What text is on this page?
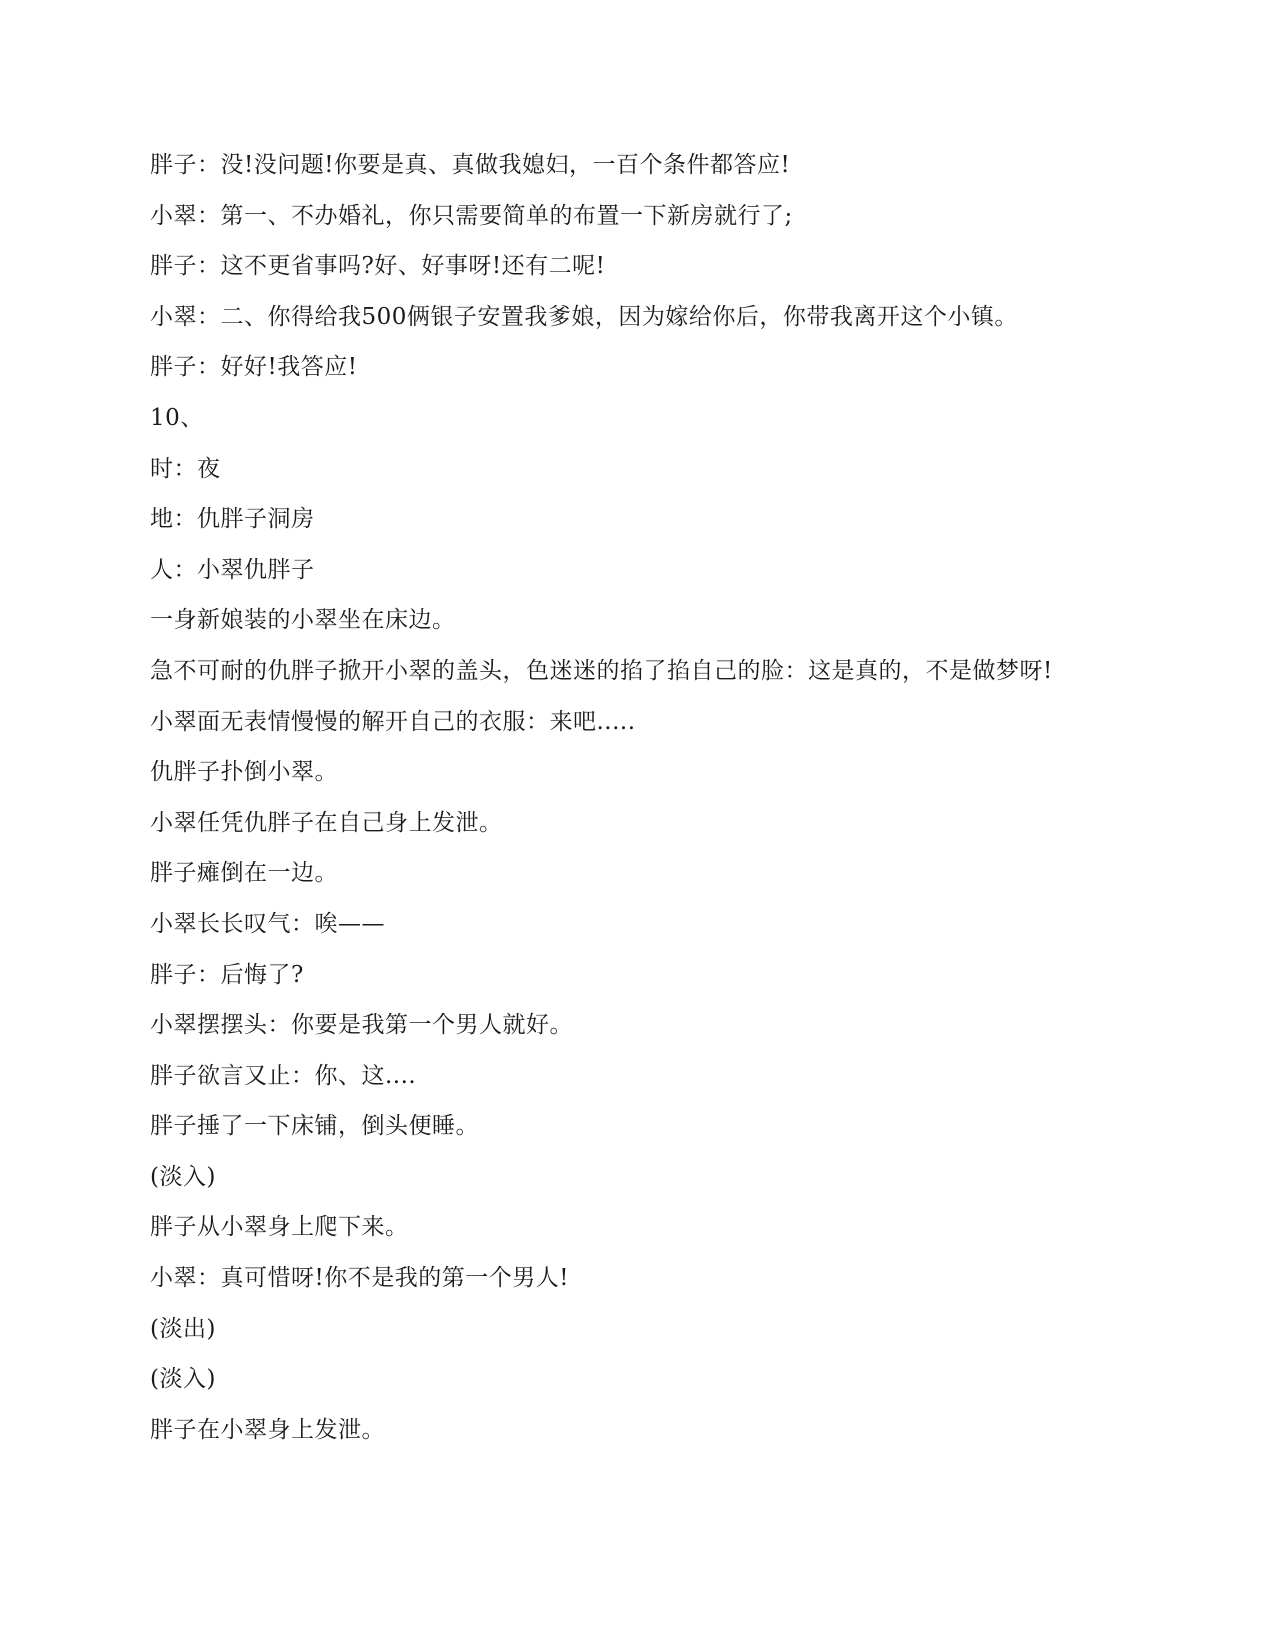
胖子：没!没问题!你要是真、真做我媳妇，一百个条件都答应!
小翠：第一、不办婚礼，你只需要简单的布置一下新房就行了;
胖子：这不更省事吗?好、好事呀!还有二呢!
小翠：二、你得给我500俩银子安置我爹娘，因为嫁给你后，你带我离开这个小镇。
胖子：好好!我答应!
10、
时：夜
地：仇胖子洞房
人：小翠仇胖子
一身新娘装的小翠坐在床边。
急不可耐的仇胖子掀开小翠的盖头，色迷迷的掐了掐自己的脸：这是真的，不是做梦呀!
小翠面无表情慢慢的解开自己的衣服：来吧.....
仇胖子扑倒小翠。
小翠任凭仇胖子在自己身上发泄。
胖子瘫倒在一边。
小翠长长叹气：唉——
胖子：后悔了?
小翠摆摆头：你要是我第一个男人就好。
胖子欲言又止：你、这....
胖子捶了一下床铺，倒头便睡。
(淡入)
胖子从小翠身上爬下来。
小翠：真可惜呀!你不是我的第一个男人!
(淡出)
(淡入)
胖子在小翠身上发泄。
